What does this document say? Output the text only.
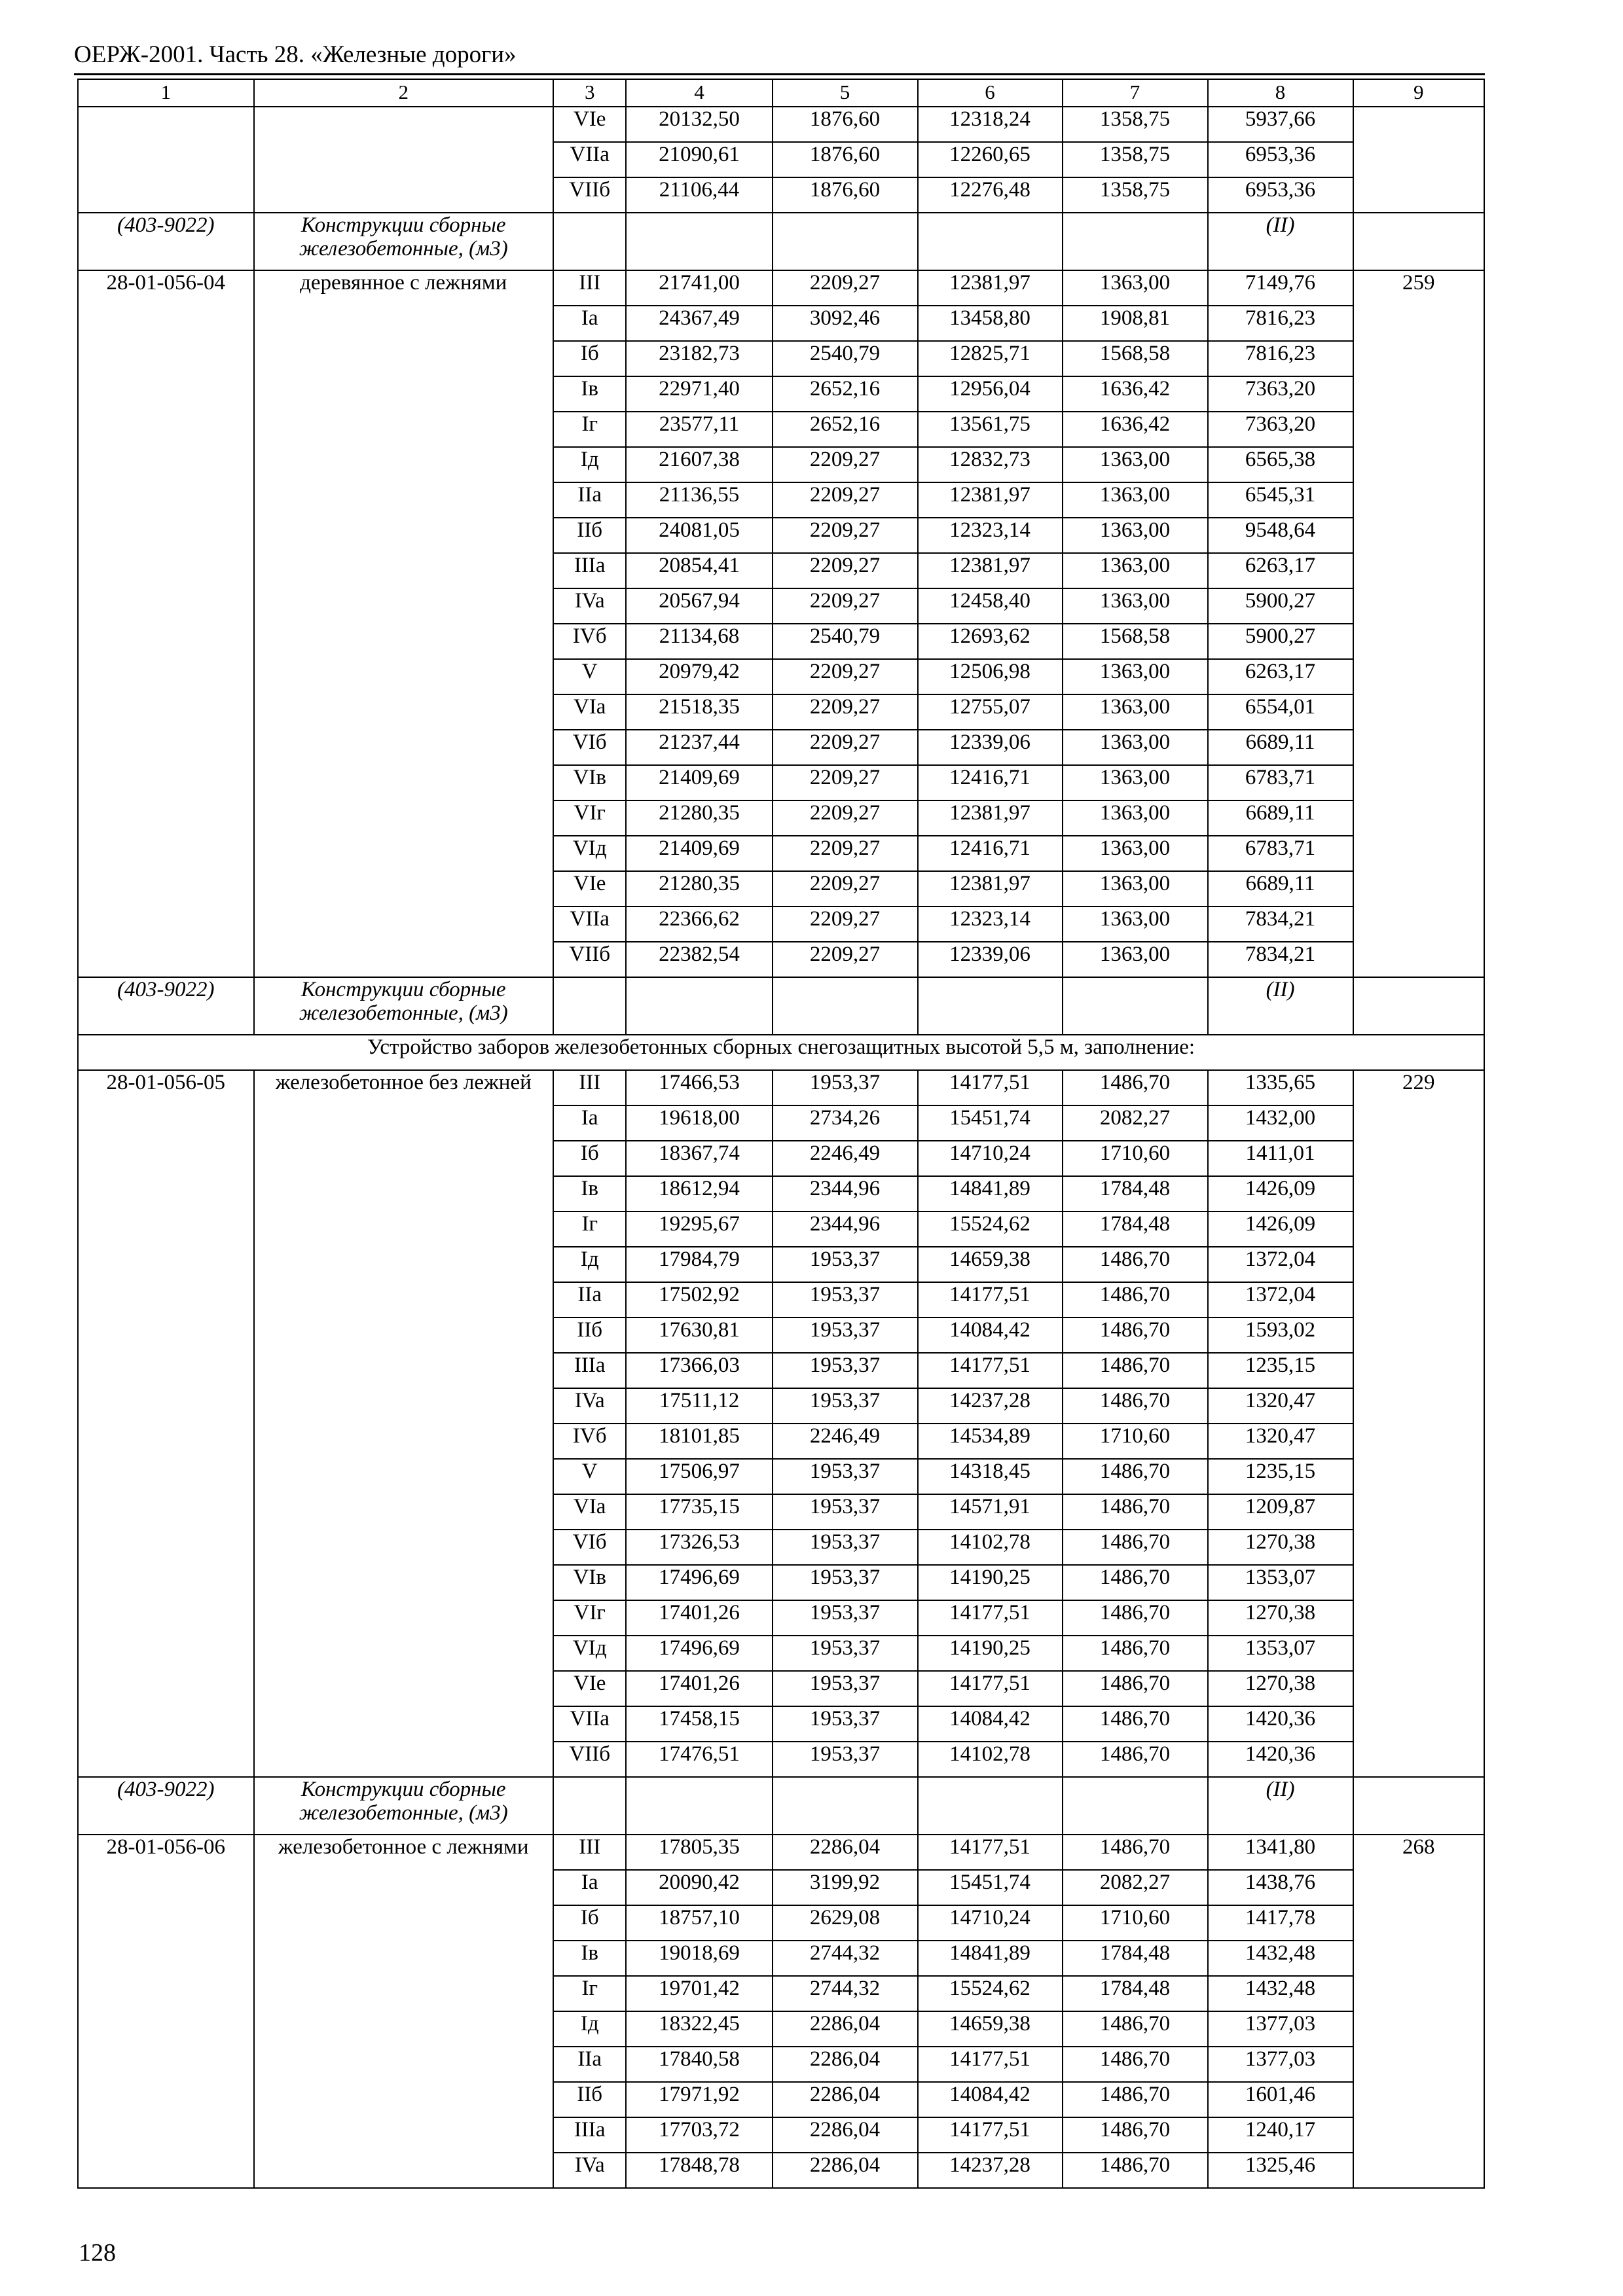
ОЕРЖ-2001. Часть 28. «Железные дороги»
1	2	3	4	5	6	7	8	9
		VIe	20132,50	1876,60	12318,24	1358,75	5937,66	
		VIIa	21090,61	1876,60	12260,65	1358,75	6953,36	
		VIIб	21106,44	1876,60	12276,48	1358,75	6953,36	
(403-9022)	Конструкции сборные железобетонные, (м3)						(II)	
28-01-056-04	деревянное с лежнями	III	21741,00	2209,27	12381,97	1363,00	7149,76	259
		Ia	24367,49	3092,46	13458,80	1908,81	7816,23	
		Iб	23182,73	2540,79	12825,71	1568,58	7816,23	
		Iв	22971,40	2652,16	12956,04	1636,42	7363,20	
		Iг	23577,11	2652,16	13561,75	1636,42	7363,20	
		Iд	21607,38	2209,27	12832,73	1363,00	6565,38	
		IIa	21136,55	2209,27	12381,97	1363,00	6545,31	
		IIб	24081,05	2209,27	12323,14	1363,00	9548,64	
		IIIa	20854,41	2209,27	12381,97	1363,00	6263,17	
		IVa	20567,94	2209,27	12458,40	1363,00	5900,27	
		IVб	21134,68	2540,79	12693,62	1568,58	5900,27	
		V	20979,42	2209,27	12506,98	1363,00	6263,17	
		VIa	21518,35	2209,27	12755,07	1363,00	6554,01	
		VIб	21237,44	2209,27	12339,06	1363,00	6689,11	
		VIв	21409,69	2209,27	12416,71	1363,00	6783,71	
		VIг	21280,35	2209,27	12381,97	1363,00	6689,11	
		VIд	21409,69	2209,27	12416,71	1363,00	6783,71	
		VIe	21280,35	2209,27	12381,97	1363,00	6689,11	
		VIIa	22366,62	2209,27	12323,14	1363,00	7834,21	
		VIIб	22382,54	2209,27	12339,06	1363,00	7834,21	
(403-9022)	Конструкции сборные железобетонные, (м3)						(II)	
Устройство заборов железобетонных сборных снегозащитных высотой 5,5 м, заполнение:								
28-01-056-05	железобетонное без лежней	III	17466,53	1953,37	14177,51	1486,70	1335,65	229
		Ia	19618,00	2734,26	15451,74	2082,27	1432,00	
		Iб	18367,74	2246,49	14710,24	1710,60	1411,01	
		Iв	18612,94	2344,96	14841,89	1784,48	1426,09	
		Iг	19295,67	2344,96	15524,62	1784,48	1426,09	
		Iд	17984,79	1953,37	14659,38	1486,70	1372,04	
		IIa	17502,92	1953,37	14177,51	1486,70	1372,04	
		IIб	17630,81	1953,37	14084,42	1486,70	1593,02	
		IIIa	17366,03	1953,37	14177,51	1486,70	1235,15	
		IVa	17511,12	1953,37	14237,28	1486,70	1320,47	
		IVб	18101,85	2246,49	14534,89	1710,60	1320,47	
		V	17506,97	1953,37	14318,45	1486,70	1235,15	
		VIa	17735,15	1953,37	14571,91	1486,70	1209,87	
		VIб	17326,53	1953,37	14102,78	1486,70	1270,38	
		VIв	17496,69	1953,37	14190,25	1486,70	1353,07	
		VIг	17401,26	1953,37	14177,51	1486,70	1270,38	
		VIд	17496,69	1953,37	14190,25	1486,70	1353,07	
		VIe	17401,26	1953,37	14177,51	1486,70	1270,38	
		VIIa	17458,15	1953,37	14084,42	1486,70	1420,36	
		VIIб	17476,51	1953,37	14102,78	1486,70	1420,36	
(403-9022)	Конструкции сборные железобетонные, (м3)						(II)	
28-01-056-06	железобетонное с лежнями	III	17805,35	2286,04	14177,51	1486,70	1341,80	268
		Ia	20090,42	3199,92	15451,74	2082,27	1438,76	
		Iб	18757,10	2629,08	14710,24	1710,60	1417,78	
		Iв	19018,69	2744,32	14841,89	1784,48	1432,48	
		Iг	19701,42	2744,32	15524,62	1784,48	1432,48	
		Iд	18322,45	2286,04	14659,38	1486,70	1377,03	
		IIa	17840,58	2286,04	14177,51	1486,70	1377,03	
		IIб	17971,92	2286,04	14084,42	1486,70	1601,46	
		IIIa	17703,72	2286,04	14177,51	1486,70	1240,17	
		IVa	17848,78	2286,04	14237,28	1486,70	1325,46	
128
